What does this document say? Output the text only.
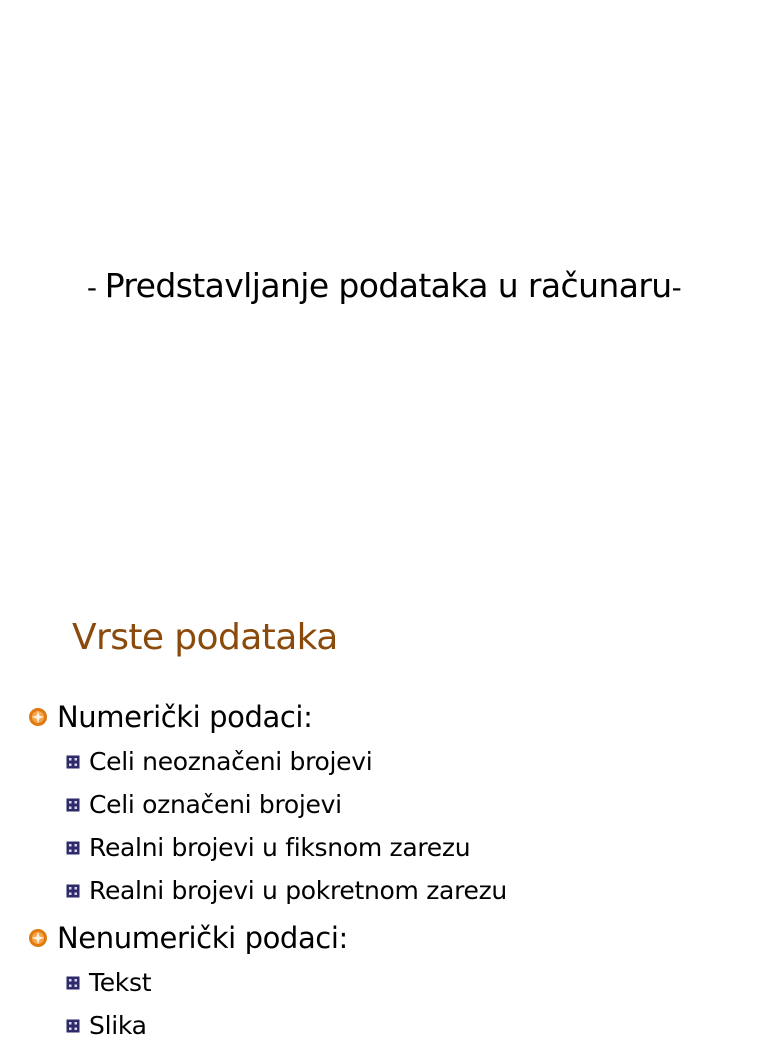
- Predstavljanje podataka u računaru-
Vrste podataka
Numerički podaci:
Celi neoznačeni brojevi
Celi označeni brojevi
Realni brojevi u fiksnom zarezu
Realni brojevi u pokretnom zarezu
Nenumerički podaci:
Tekst
Slika
